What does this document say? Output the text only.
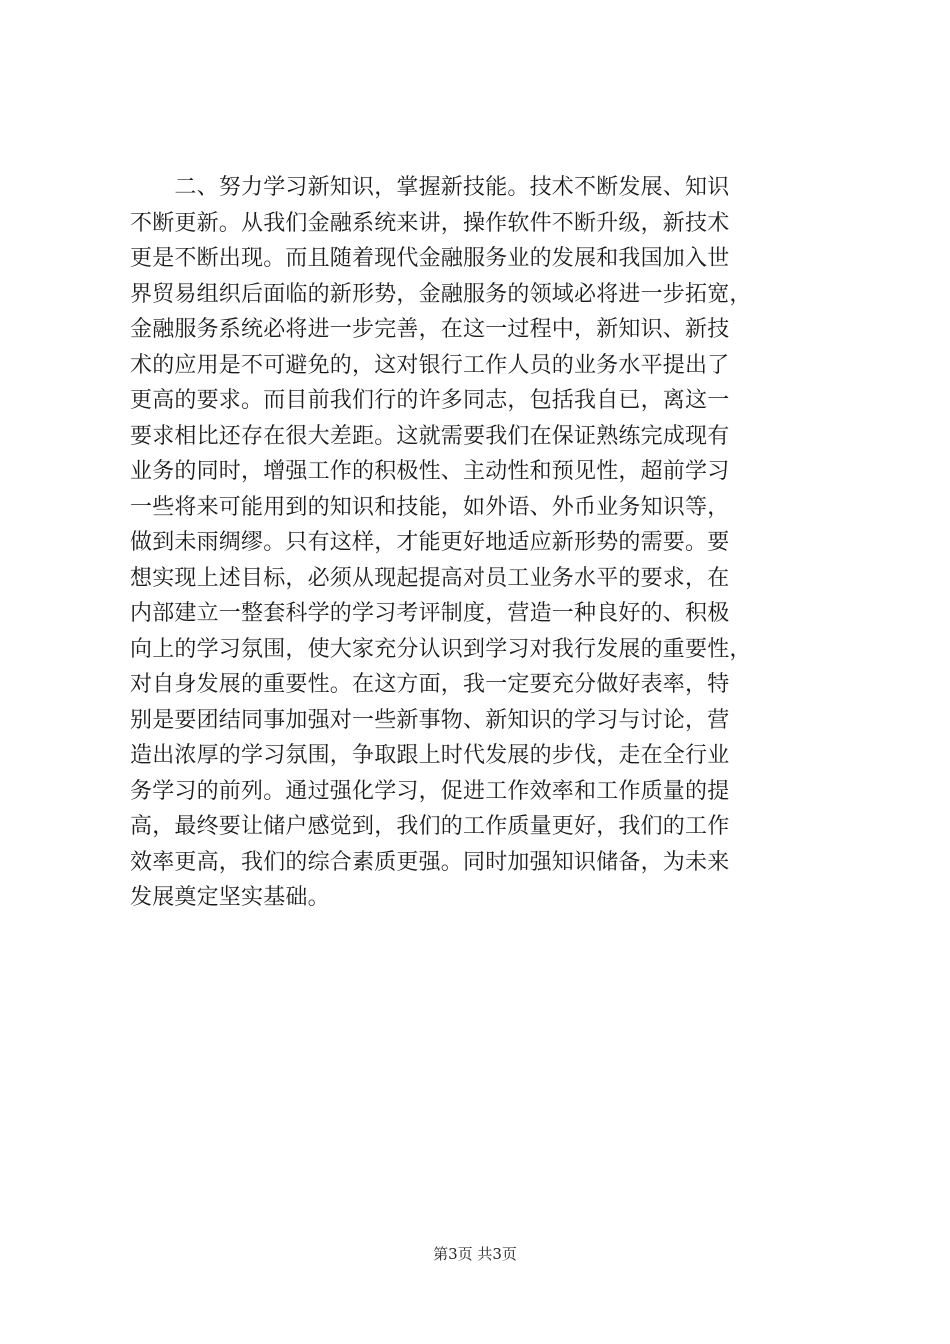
　　二、努力学习新知识，掌握新技能。技术不断发展、知识
不断更新。从我们金融系统来讲，操作软件不断升级，新技术
更是不断出现。而且随着现代金融服务业的发展和我国加入世
界贸易组织后面临的新形势，金融服务的领域必将进一步拓宽，
金融服务系统必将进一步完善，在这一过程中，新知识、新技
术的应用是不可避免的，这对银行工作人员的业务水平提出了
更高的要求。而目前我们行的许多同志，包括我自已，离这一
要求相比还存在很大差距。这就需要我们在保证熟练完成现有
业务的同时，增强工作的积极性、主动性和预见性，超前学习
一些将来可能用到的知识和技能，如外语、外币业务知识等，
做到未雨绸缪。只有这样，才能更好地适应新形势的需要。要
想实现上述目标，必须从现起提高对员工业务水平的要求，在
内部建立一整套科学的学习考评制度，营造一种良好的、积极
向上的学习氛围，使大家充分认识到学习对我行发展的重要性，
对自身发展的重要性。在这方面，我一定要充分做好表率，特
别是要团结同事加强对一些新事物、新知识的学习与讨论，营
造出浓厚的学习氛围，争取跟上时代发展的步伐，走在全行业
务学习的前列。通过强化学习，促进工作效率和工作质量的提
高，最终要让储户感觉到，我们的工作质量更好，我们的工作
效率更高，我们的综合素质更强。同时加强知识储备，为未来
发展奠定坚实基础。
第3页 共3页
